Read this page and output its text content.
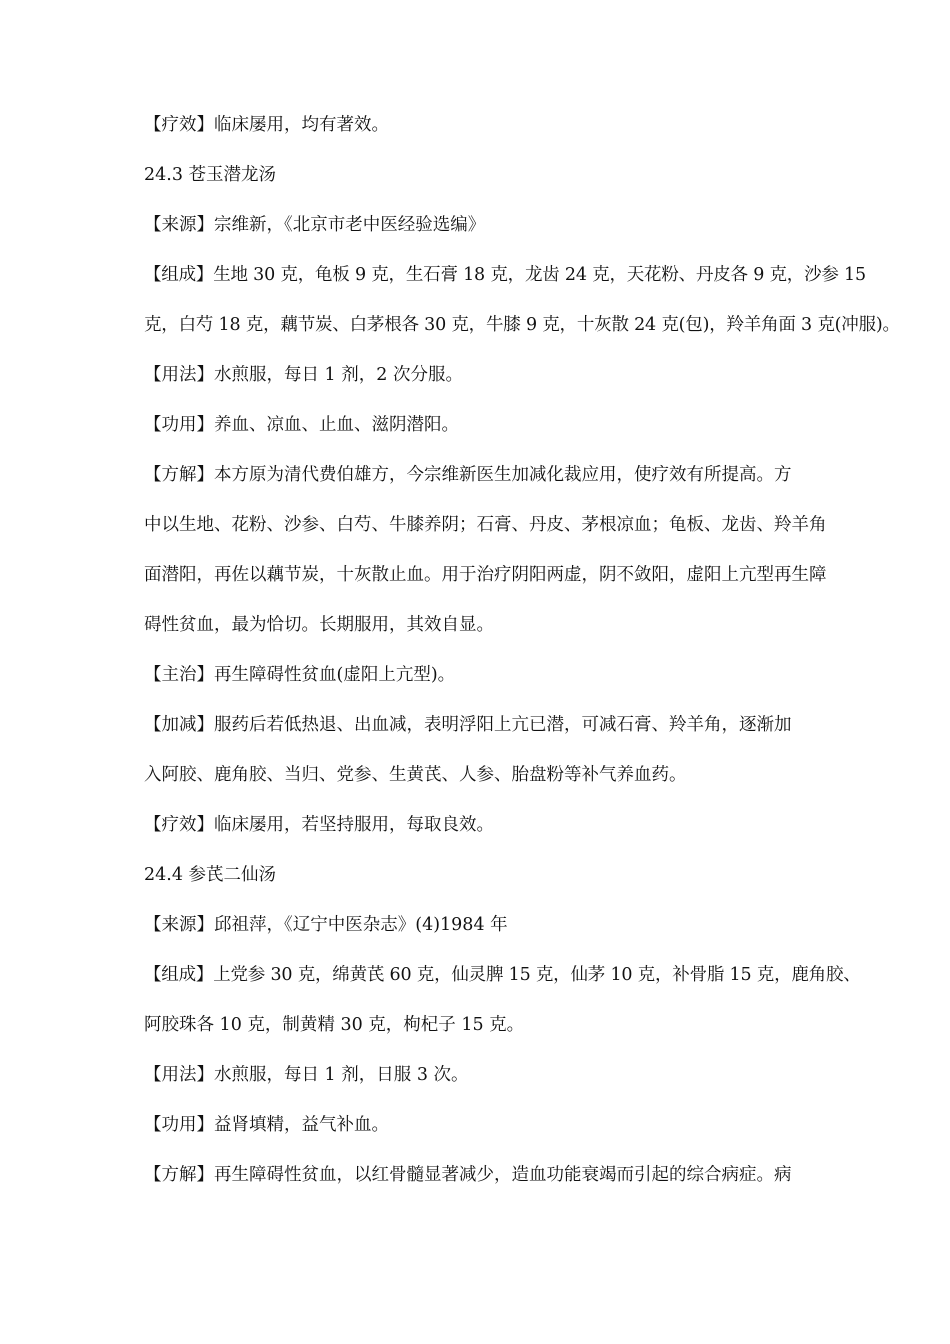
【疗效】临床屡用，均有著效。
24.3 苍玉潜龙汤
【来源】宗维新，《北京市老中医经验选编》
【组成】生地 30 克，龟板 9 克，生石膏 18 克，龙齿 24 克，天花粉、丹皮各 9 克，沙参 15
克，白芍 18 克，藕节炭、白茅根各 30 克，牛膝 9 克，十灰散 24 克(包)，羚羊角面 3 克(冲服)。
【用法】水煎服，每日 1 剂，2 次分服。
【功用】养血、凉血、止血、滋阴潜阳。
【方解】本方原为清代费伯雄方，今宗维新医生加减化裁应用，使疗效有所提高。方
中以生地、花粉、沙参、白芍、牛膝养阴；石膏、丹皮、茅根凉血；龟板、龙齿、羚羊角
面潜阳，再佐以藕节炭，十灰散止血。用于治疗阴阳两虚，阴不敛阳，虚阳上亢型再生障
碍性贫血，最为恰切。长期服用，其效自显。
【主治】再生障碍性贫血(虚阳上亢型)。
【加减】服药后若低热退、出血减，表明浮阳上亢已潜，可减石膏、羚羊角，逐渐加
入阿胶、鹿角胶、当归、党参、生黄芪、人参、胎盘粉等补气养血药。
【疗效】临床屡用，若坚持服用，每取良效。
24.4 参芪二仙汤
【来源】邱祖萍，《辽宁中医杂志》(4)1984 年
【组成】上党参 30 克，绵黄芪 60 克，仙灵脾 15 克，仙茅 10 克，补骨脂 15 克，鹿角胶、
阿胶珠各 10 克，制黄精 30 克，枸杞子 15 克。
【用法】水煎服，每日 1 剂，日服 3 次。
【功用】益肾填精，益气补血。
【方解】再生障碍性贫血，以红骨髓显著减少，造血功能衰竭而引起的综合病症。病
